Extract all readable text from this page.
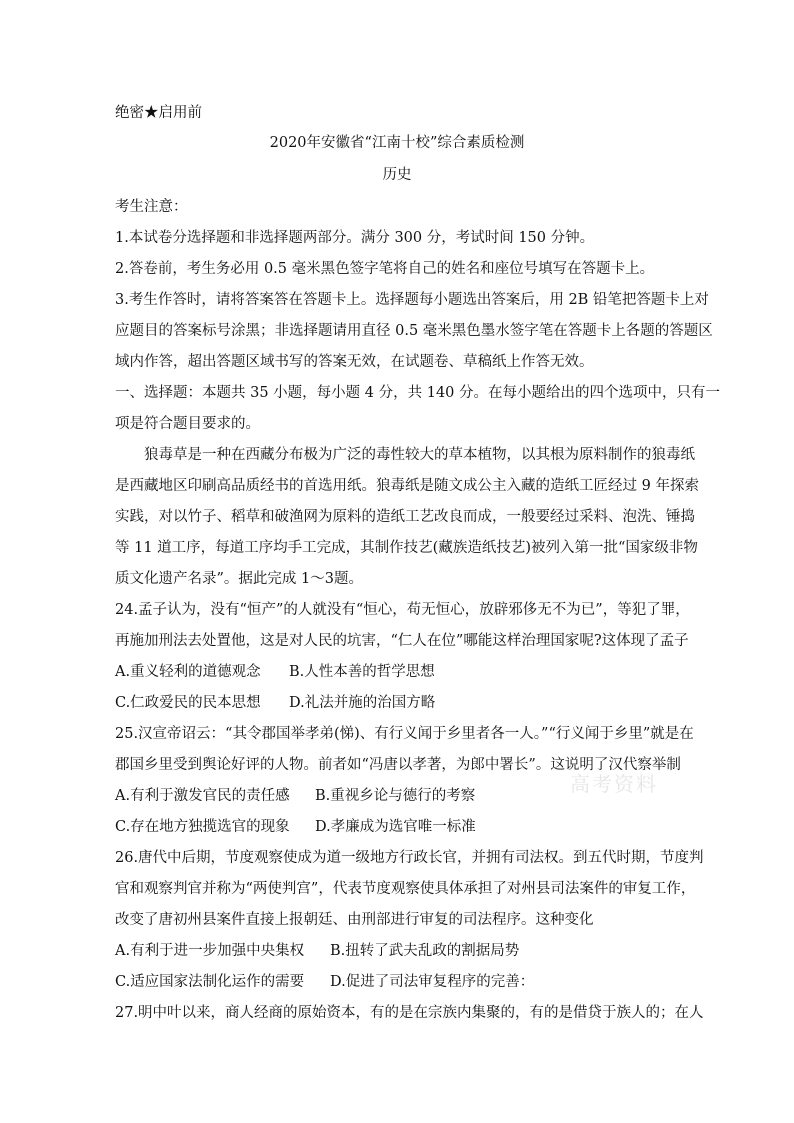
绝密★启用前
2020年安徽省“江南十校”综合素质检测
历史
考生注意：
1.本试卷分选择题和非选择题两部分。满分 300 分，考试时间 150 分钟。
2.答卷前，考生务必用 0.5 毫米黑色签字笔将自己的姓名和座位号填写在答题卡上。
3.考生作答时，请将答案答在答题卡上。选择题每小题选出答案后，用 2B 铅笔把答题卡上对
应题目的答案标号涂黑；非选择题请用直径 0.5 毫米黑色墨水签字笔在答题卡上各题的答题区
域内作答，超出答题区域书写的答案无效，在试题卷、草稿纸上作答无效。
一、选择题：本题共 35 小题，每小题 4 分，共 140 分。在每小题给出的四个选项中，只有一
项是符合题目要求的。
狼毒草是一种在西藏分布极为广泛的毒性较大的草本植物，以其根为原料制作的狼毒纸
是西藏地区印刷高品质经书的首选用纸。狼毒纸是随文成公主入藏的造纸工匠经过 9 年探索
实践，对以竹子、稻草和破渔网为原料的造纸工艺改良而成，一般要经过采料、泡洗、锤捣
等 11 道工序，每道工序均手工完成，其制作技艺(藏族造纸技艺)被列入第一批“国家级非物
质文化遗产名录”。据此完成 1～3题。
24.孟子认为，没有“恒产”的人就没有“恒心，苟无恒心，放辟邪侈无不为已”，等犯了罪，
再施加刑法去处置他，这是对人民的坑害，“仁人在位”哪能这样治理国家呢?这体现了孟子
A.重义轻利的道德观念 B.人性本善的哲学思想
C.仁政爱民的民本思想 D.礼法并施的治国方略
25.汉宣帝诏云：“其令郡国举孝弟(悌)、有行义闻于乡里者各一人。”“行义闻于乡里”就是在
郡国乡里受到舆论好评的人物。前者如“冯唐以孝著，为郎中署长”。这说明了汉代察举制
A.有利于激发官民的责任感 B.重视乡论与德行的考察
C.存在地方独揽选官的现象 D.孝廉成为选官唯一标准
26.唐代中后期，节度观察使成为道一级地方行政长官，并拥有司法权。到五代时期，节度判
官和观察判官并称为“两使判宫”，代表节度观察使具体承担了对州县司法案件的审复工作，
改变了唐初州县案件直接上报朝廷、由刑部进行审复的司法程序。这种变化
A.有利于进一步加强中央集权 B.扭转了武夫乱政的割据局势
C.适应国家法制化运作的需要 D.促进了司法审复程序的完善：
27.明中叶以来，商人经商的原始资本，有的是在宗族内集聚的，有的是借贷于族人的；在人
高考资料
